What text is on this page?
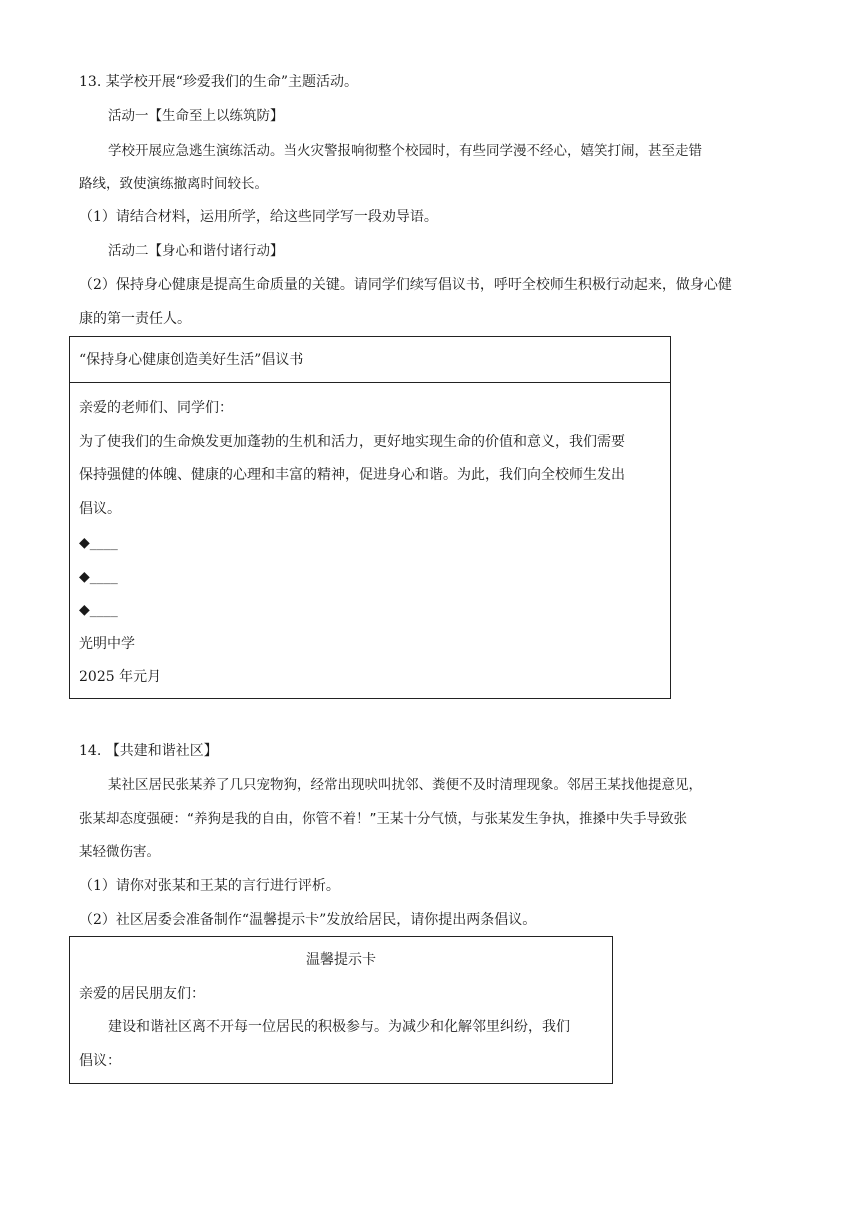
13. 某学校开展“珍爱我们的生命”主题活动。
活动一【生命至上以练筑防】
学校开展应急逃生演练活动。当火灾警报响彻整个校园时，有些同学漫不经心，嬉笑打闹，甚至走错
路线，致使演练撤离时间较长。
（1）请结合材料，运用所学，给这些同学写一段劝导语。
活动二【身心和谐付诸行动】
（2）保持身心健康是提高生命质量的关键。请同学们续写倡议书，呼吁全校师生积极行动起来，做身心健
康的第一责任人。
“保持身心健康创造美好生活”倡议书
亲爱的老师们、同学们：
为了使我们的生命焕发更加蓬勃的生机和活力，更好地实现生命的价值和意义，我们需要
保持强健的体魄、健康的心理和丰富的精神，促进身心和谐。为此，我们向全校师生发出
倡议。
◆____
◆____
◆____
光明中学
2025 年元月
14. 【共建和谐社区】
某社区居民张某养了几只宠物狗，经常出现吠叫扰邻、粪便不及时清理现象。邻居王某找他提意见，
张某却态度强硬：“养狗是我的自由，你管不着！”王某十分气愤，与张某发生争执，推搡中失手导致张
某轻微伤害。
（1）请你对张某和王某的言行进行评析。
（2）社区居委会准备制作“温馨提示卡”发放给居民，请你提出两条倡议。
温馨提示卡
亲爱的居民朋友们：
建设和谐社区离不开每一位居民的积极参与。为减少和化解邻里纠纷，我们
倡议：
